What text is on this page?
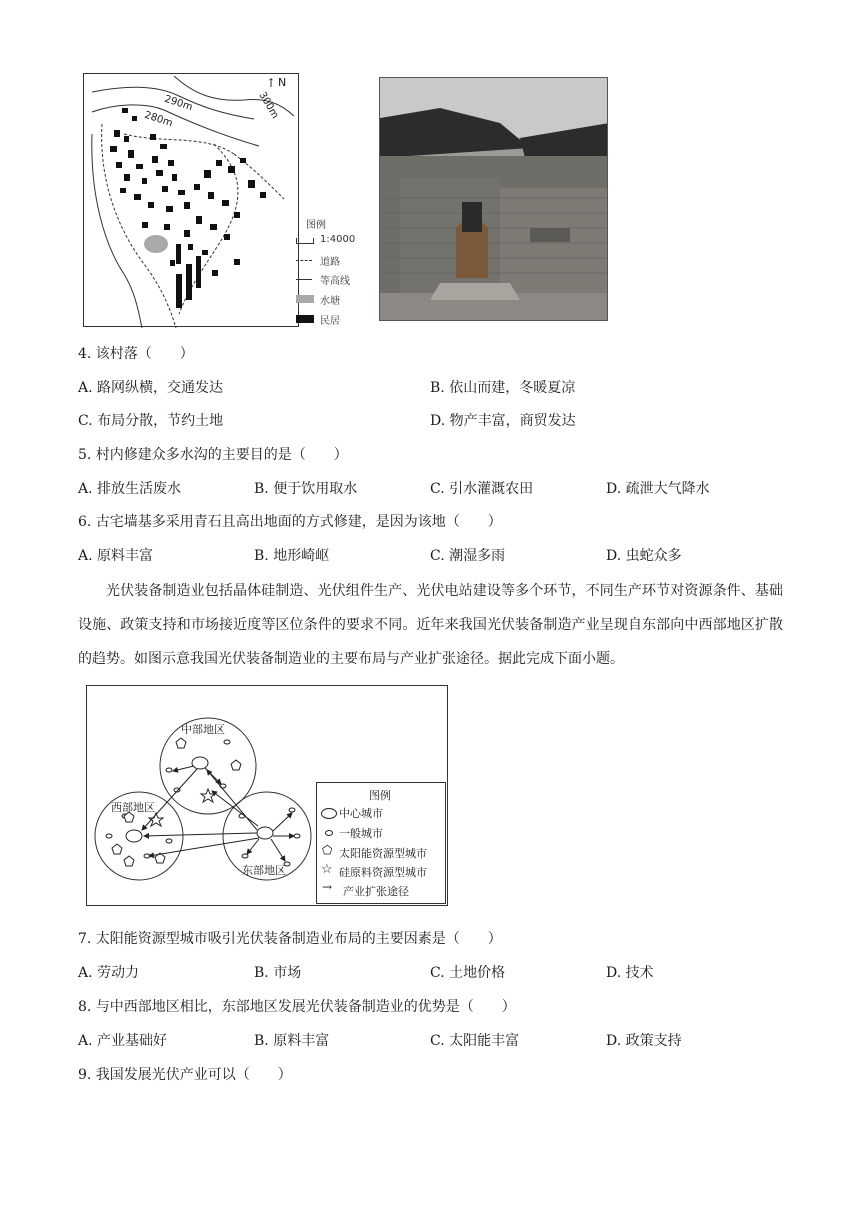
290m
280m	300m
↑ N
图例
1:4000
道路
等高线
水塘
民居
4. 该村落（　　）
A. 路网纵横，交通发达	B. 依山而建，冬暖夏凉
C. 布局分散，节约土地	D. 物产丰富，商贸发达
5. 村内修建众多水沟的主要目的是（　　）
A. 排放生活废水	B. 便于饮用取水	C. 引水灌溉农田	D. 疏泄大气降水
6. 古宅墙基多采用青石且高出地面的方式修建，是因为该地（　　）
A. 原料丰富	B. 地形崎岖	C. 潮湿多雨	D. 虫蛇众多
光伏装备制造业包括晶体硅制造、光伏组件生产、光伏电站建设等多个环节，不同生产环节对资源条件、基础设施、政策支持和市场接近度等区位条件的要求不同。近年来我国光伏装备制造产业呈现自东部向中西部地区扩散的趋势。如图示意我国光伏装备制造业的主要布局与产业扩张途径。据此完成下面小题。
中部地区
西部地区
东部地区
图例
中心城市
一般城市
⬠ 太阳能资源型城市
☆ 硅原料资源型城市
→ 产业扩张途径
7. 太阳能资源型城市吸引光伏装备制造业布局的主要因素是（　　）
A. 劳动力	B. 市场	C. 土地价格	D. 技术
8. 与中西部地区相比，东部地区发展光伏装备制造业的优势是（　　）
A. 产业基础好	B. 原料丰富	C. 太阳能丰富	D. 政策支持
9. 我国发展光伏产业可以（　　）
